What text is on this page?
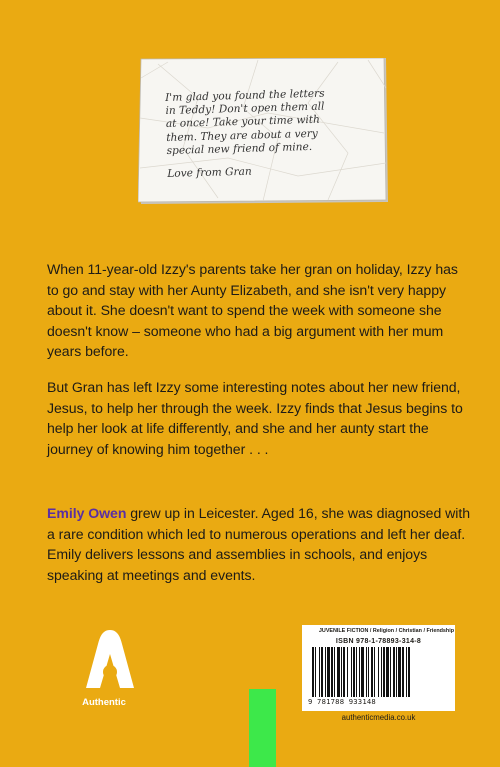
I'm glad you found the letters

in Teddy! Don't open them all

at once! Take your time with

them. They are about a very

special new friend of mine.

Love from Gran

When 11-year-old Izzy's parents take her gran on holiday, Izzy has to go and stay with her Aunty Elizabeth, and she isn't very happy about it. She doesn't want to spend the week with someone she doesn't know – someone who had a big argument with her mum years before.

But Gran has left Izzy some interesting notes about her new friend, Jesus, to help her through the week. Izzy finds that Jesus begins to help her look at life differently, and she and her aunty start the journey of knowing him together . . .

Emily Owen grew up in Leicester. Aged 16, she was diagnosed with a rare condition which led to numerous operations and left her deaf. Emily delivers lessons and assemblies in schools, and enjoys speaking at meetings and events.

Authentic
JUVENILE FICTION / Religion / Christian / Friendship
ISBN 978-1-78893-314-8
9 781788 933148
authenticmedia.co.uk
